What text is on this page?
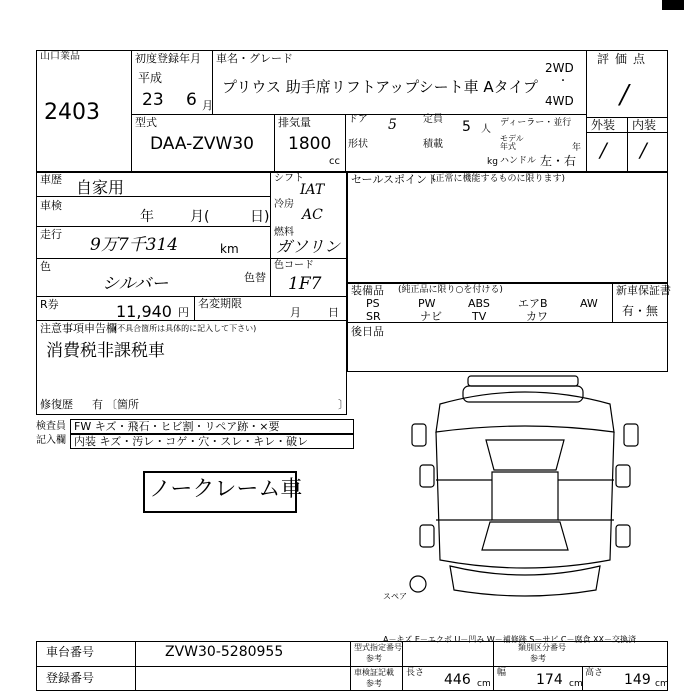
山口業品
2403
初度登録年月
平成
23 6 月
車名・グレード
プリウス 助手席リフトアップシート車 Aタイプ
2WD
・
4WD
型式
DAA-ZVW30
排気量
1800
cc
ドア 5	定員 5 人
形状	積載
kg
ディーラー・並行
モデル年式	年
ハンドル 左・右
評価点
/
外装 内装
/ /
車歴 自家用
車検
年	月(	日)
走行
9万7千314	km
シフト
IAT
冷房
AC
燃料
ガソリン
色
シルバー	色替
色コード
1F7
R券	11,940 円
名変期限
月 日
注意事項申告欄
(不具合箇所は具体的に記入して下さい)
消費税非課税車
修復歴 有 〔箇所	〕
検査員
記入欄
FW キズ・飛石・ヒビ割・リペア跡・×要
内装 キズ・汚レ・コゲ・穴・スレ・キレ・破レ
ノークレーム車
セールスポイント
(正常に機能するものに限ります)
装備品 (純正品に限り○を付ける)	新車保証書
有・無
PS	PW	ABS	エアB	AW
SR	ナビ	TV	カワ
後日品
スペア
A－キズ E－エクボ U－凹み W－補修跡 S－サビ C－腐食 XX－交換済
車台番号	ZVW30-5280955
登録番号
型式指定番号
参考
類別区分番号
参考
車検証記載
参考
長さ 446 cm
幅 174 cm
高さ 149 cm
